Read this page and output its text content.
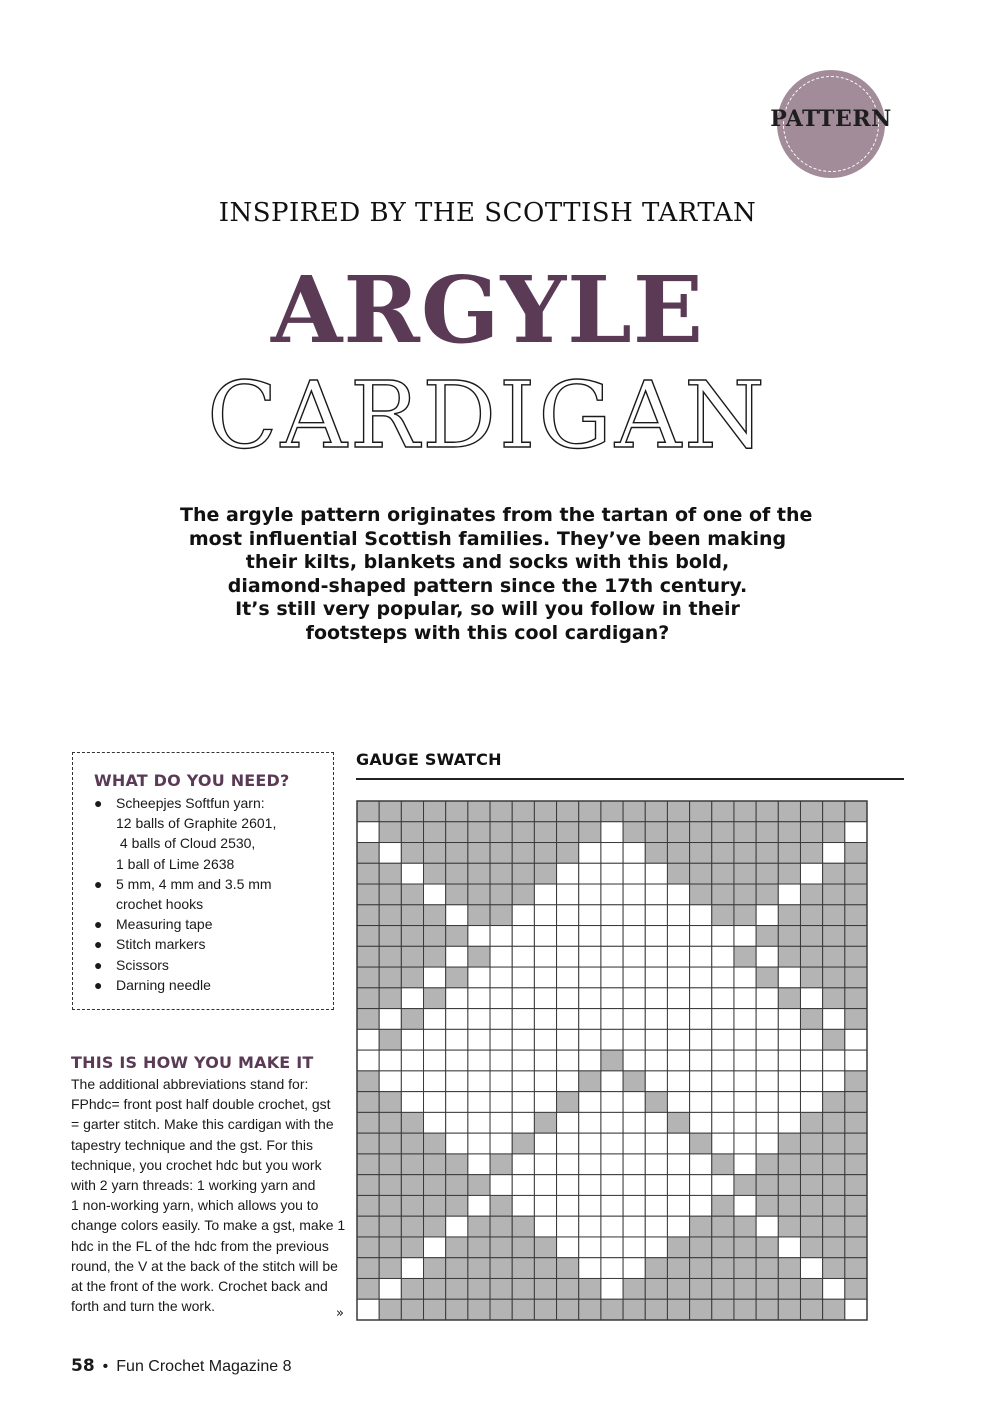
PATTERN
INSPIRED BY THE SCOTTISH TARTAN
ARGYLE
CARDIGAN

The argyle pattern originates from the tartan of one of the
most influential Scottish families. They’ve been making
their kilts, blankets and socks with this bold,
diamond-shaped pattern since the 17th century.
It’s still very popular, so will you follow in their
footsteps with this cool cardigan?

WHAT DO YOU NEED?
● Scheepjes Softfun yarn:
12 balls of Graphite 2601,
4 balls of Cloud 2530,
1 ball of Lime 2638
● 5 mm, 4 mm and 3.5 mm
crochet hooks
● Measuring tape
● Stitch markers
● Scissors
● Darning needle
THIS IS HOW YOU MAKE IT

The additional abbreviations stand for:
FPhdc= front post half double crochet, gst
= garter stitch. Make this cardigan with the
tapestry technique and the gst. For this
technique, you crochet hdc but you work
with 2 yarn threads: 1 working yarn and
1 non-working yarn, which allows you to
change colors easily. To make a gst, make 1
hdc in the FL of the hdc from the previous
round, the V at the back of the stitch will be
at the front of the work. Crochet back and
forth and turn the work.	»
GAUGE SWATCH
58 • Fun Crochet Magazine 8
